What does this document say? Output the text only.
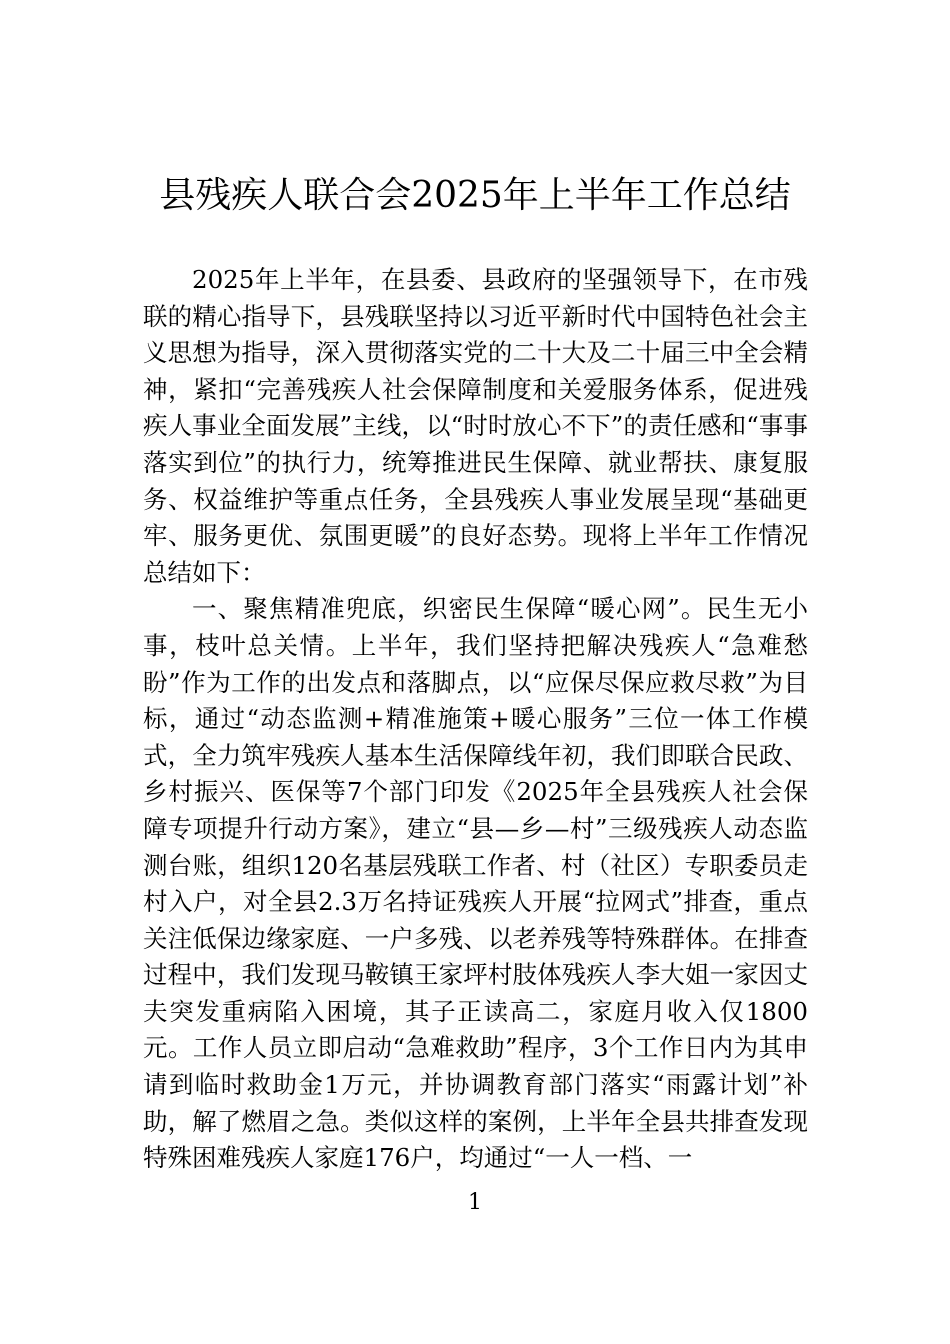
县残疾人联合会2025年上半年工作总结

2025年上半年，在县委、县政府的坚强领导下，在市残联的精心指导下，县残联坚持以习近平新时代中国特色社会主义思想为指导，深入贯彻落实党的二十大及二十届三中全会精神，紧扣“完善残疾人社会保障制度和关爱服务体系，促进残疾人事业全面发展”主线，以“时时放心不下”的责任感和“事事落实到位”的执行力，统筹推进民生保障、就业帮扶、康复服务、权益维护等重点任务，全县残疾人事业发展呈现“基础更牢、服务更优、氛围更暖”的良好态势。现将上半年工作情况总结如下：

一、聚焦精准兜底，织密民生保障“暖心网”。民生无小事，枝叶总关情。上半年，我们坚持把解决残疾人“急难愁盼”作为工作的出发点和落脚点，以“应保尽保应救尽救”为目标，通过“动态监测+精准施策+暖心服务”三位一体工作模式，全力筑牢残疾人基本生活保障线年初，我们即联合民政、乡村振兴、医保等7个部门印发《2025年全县残疾人社会保障专项提升行动方案》，建立“县—乡—村”三级残疾人动态监测台账，组织120名基层残联工作者、村（社区）专职委员走村入户，对全县2.3万名持证残疾人开展“拉网式”排查，重点关注低保边缘家庭、一户多残、以老养残等特殊群体。在排查过程中，我们发现马鞍镇王家坪村肢体残疾人李大姐一家因丈夫突发重病陷入困境，其子正读高二，家庭月收入仅1800元。工作人员立即启动“急难救助”程序，3个工作日内为其申请到临时救助金1万元，并协调教育部门落实“雨露计划”补助，解了燃眉之急。类似这样的案例，上半年全县共排查发现特殊困难残疾人家庭176户，均通过“一人一档、一

1
